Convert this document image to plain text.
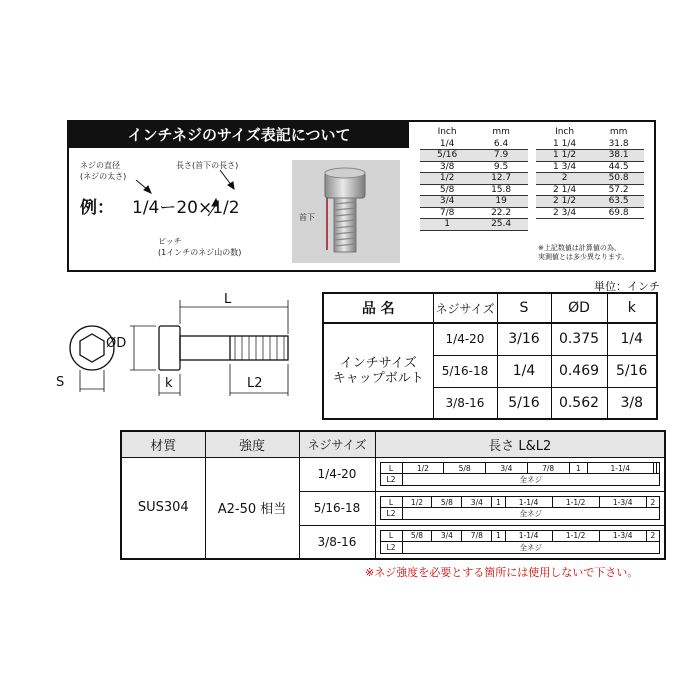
インチネジのサイズ表記について
ネジの直径
(ネジの太さ)
長さ(首下の長さ)
例： 1/4ー20×1/2
ピッチ
(1インチのネジ山の数)
首下
Inch	mm
1/4	6.4
5/16	7.9
3/8	9.5
1/2	12.7
5/8	15.8
3/4	19
7/8	22.2
1	25.4
Inch	mm
1 1/4	31.8
1 1/2	38.1
1 3/4	44.5
2	50.8
2 1/4	57.2
2 1/2	63.5
2 3/4	69.8
※上記数値は計算値の為、
実測値とは多少異なります。
L
ØD
S	k	L2
単位：インチ
品 名	ネジサイズ	S	ØD	k

インチサイズ
キャップボルト	1/4-20	3/16	0.375	1/4
	5/16-18	1/4	0.469	5/16
	3/8-16	5/16	0.562	3/8
材質	強度	ネジサイズ	長さ L&L2
SUS304	A2-50 相当	1/4-20		L	1/2	5/8	3/4	7/8	1	1-1/4		
L2	全ネジ

5/16-18		L	1/2	5/8	3/4	1	1-1/4	1-1/2	1-3/4	2
L2	全ネジ

3/8-16		L	5/8	3/4	7/8	1	1-1/4	1-1/2	1-3/4	2
L2	全ネジ
※ネジ強度を必要とする箇所には使用しないで下さい。
